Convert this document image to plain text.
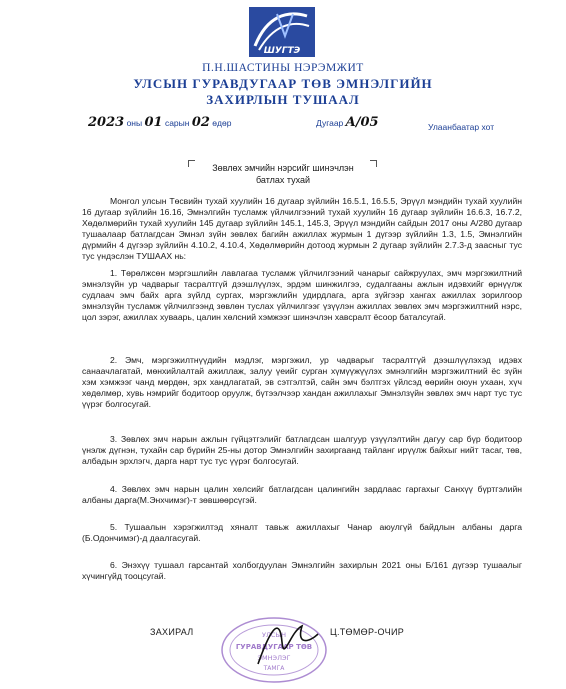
ШУГТЭ
П.Н.ШАСТИНЫ НЭРЭМЖИТ
УЛСЫН ГУРАВДУГААР ТӨВ ЭМНЭЛГИЙН
ЗАХИРЛЫН ТУШААЛ
2023 оны 01 сарын 02 өдөр	Дугаар A/05	Улаанбаатар хот
Зөвлөх эмчийн нэрсийг шинэчлэн
батлах тухай

Монгол улсын Төсвийн тухай хуулийн 16 дугаар зүйлийн 16.5.1, 16.5.5, Эрүүл мэндийн тухай хуулийн 16 дугаар зүйлийн 16.16, Эмнэлгийн тусламж үйлчилгээний тухай хуулийн 16 дугаар зүйлийн 16.6.3, 16.7.2, Хөдөлмөрийн тухай хуулийн 145 дугаар зүйлийн 145.1, 145.3, Эрүүл мэндийн сайдын 2017 оны А/280 дугаар тушаалаар батлагдсан Эмнэл зүйн зөвлөх багийн ажиллах журмын 1 дүгээр зүйлийн 1.3, 1.5, Эмнэлгийн дүрмийн 4 дүгээр зүйлийн 4.10.2, 4.10.4, Хөдөлмөрийн дотоод журмын 2 дугаар зүйлийн 2.7.3-д заасныг тус тус үндэслэн ТУШААХ нь:

1. Төрөлжсөн мэргэшлийн лавлагаа тусламж үйлчилгээний чанарыг сайжруулах, эмч мэргэжилтний эмнэлзүйн ур чадварыг тасралтгүй дээшлүүлэх, эрдэм шинжилгээ, судалгааны ажлын идэвхийг өрнүүлж судлаач эмч байх арга зүйлд сургах, мэргэжлийн удирдлага, арга зүйгээр хангах ажиллах зорилгоор эмнэлзүйн тусламж үйлчилгээнд зөвлөн туслах үйлчилгээг үзүүлэн ажиллах зөвлөх эмч мэргэжилтний нэрс, цол зэрэг, ажиллах хуваарь, цалин хөлсний хэмжээг шинэчлэн хавсралт ёсоор баталсугай.

2. Эмч, мэргэжилтнүүдийн мэдлэг, мэргэжил, ур чадварыг тасралтгүй дээшлүүлэхэд идэвх санаачлагатай, мөнхийлалтай ажиллаж, залуу үеийг сурган хүмүүжүүлэх эмнэлгийн мэргэжилтний ёс зүйн хэм хэмжээг чанд мөрдөн, эрх хандлагатай, эв сэтгэлтэй, сайн эмч бэлтгэх үйлсэд өөрийн оюун ухаан, хүч хөдөлмөр, хувь нэмрийг бодитоор оруулж, бүтээлчээр хандан ажиллахыг Эмнэлзүйн зөвлөх эмч нарт тус тус үүрэг болгосугай.

3. Зөвлөх эмч нарын ажлын гүйцэтгэлийг батлагдсан шалгуур үзүүлэлтийн дагуу сар бүр бодитоор үнэлж дүгнэн, тухайн сар бүрийн 25-ны дотор Эмнэлгийн захиргаанд тайланг ирүүлж байхыг нийт тасаг, төв, албадын эрхлэгч, дарга нарт тус тус үүрэг болгосугай.

4. Зөвлөх эмч нарын цалин хөлсийг батлагдсан цалингийн зардлаас гаргахыг Санхүү бүртгэлийн албаны дарга(М.Энхчимэг)-т зөвшөөрсүгэй.

5. Тушаалын хэрэгжилтэд хяналт тавьж ажиллахыг Чанар аюулгүй байдлын албаны дарга (Б.Одончимэг)-д даалгасугай.

6. Энэхүү тушаал гарсантай холбогдуулан Эмнэлгийн захирлын 2021 оны Б/161 дүгээр тушаалыг хүчингүйд тооцсугай.

УЛСЫН
ГУРАВДУГААР ТӨВ
ЭМНЭЛЭГ
ТАМГА
ЗАХИРАЛ	Ц.ТӨМӨР-ОЧИР
